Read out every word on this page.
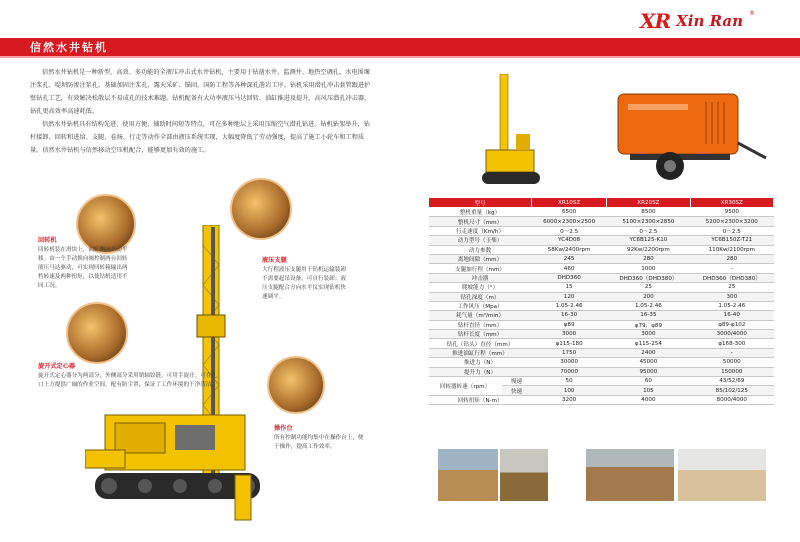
XR Xin Ran ®
信然水井钻机

信然水井钻机是一种新型、高效、多功能的全液压冲击式水井钻机，主要用于钻凿水井、监测井、地热空调孔、水电围堰注浆孔、堤坝防渗注浆孔、基础加固注浆孔、露天采矿、锚固、国防工程等各种深孔凿岩工序。钻机采用潜孔冲击套管跟进护壁钻孔工艺，有效解决松散层不易成孔的技术难题。钻机配备有大功率液压马达回转、油缸推进及提升、高风压潜孔冲击器，钻孔更高效率高速耗低。

信然水井钻机具有结构先进、使用方便、辅助时间短等特点，可在多种地层上采用压缩空气潜孔钻进。钻机钻架举升、钻杆接卸、回转和进给、支腿、卷扬、行走等动作全部由液压系统实现，大幅度降低了劳动强度，提高了施工小轮车和工程质量。信然水井钻机与信然移动空压机配合，能够更加有效的施工。

回转机
回转机装在滑块上，油缸侧向自动平移。由一个手动换向阀控制两台回转液压马达驱动，可实现回转箱输出两档转速及两种扭矩，以使钻机适用不同工况。
液压支腿
大行程液压支腿用于钻机运输装卸不需要起吊设备，可自行装卸；液压支腿配合方向水平仪实现钻机快速调平。
旋开式定心器
旋开式定心器分为两部分，外侧部分采用销轴铰链，可用手旋开。可在孔口上方提供广阔的作业空间，配有防尘罩，保证了工作环境的干净清洁。
操作台
所有控制功能均集中在操作台上，便于操作，提高工作效率。
型号		XR10SZ	XR20SZ	XR30SZ
整机重量（kg）		6500	8500	9500
整机尺寸（mm）		6000×2300×2500	5100×2300×2850	5200×2300×3200
行走速度（Km/h）		0～2.5	0～2.5	0～2.5
动力型号（玉柴）		YC4D08	YC6B125-K10	YC6B150Z-T21
动力参数		58Kw/2400rpm	92Kw/2200rpm	110Kw/2100rpm
离地间隙（mm）		245	280	280
支腿加行程（mm）		460	1000	-
冲击器		DHD360	DHD360（DHD380）	DHD360（DHD380）
爬坡能力（°）		15	25	25
钻孔深度（m）		120	200	300
工作风压（Mpa）		1.05-2.46	1.05-2.46	1.05-2.46
耗气量（m³/min）		16-30	16-35	16-40
钻杆直径（mm）		φ89	φ79、φ89	φ89-φ102
钻杆长度（mm）		3000	3000	3000/4000
钻孔（钻头）直径（mm）		φ115-180	φ115-254	φ168-300
推进油缸行程（mm）		1750	2400	-
推进力（N）		30000	45000	50000
提升力（N）		70000	95000	150000
回转器转速（rpm）	慢速	50	60	43/52/69
	快速	100	105	85/102/125
回转扭矩（N·m）		3200	4000	8000/4000
